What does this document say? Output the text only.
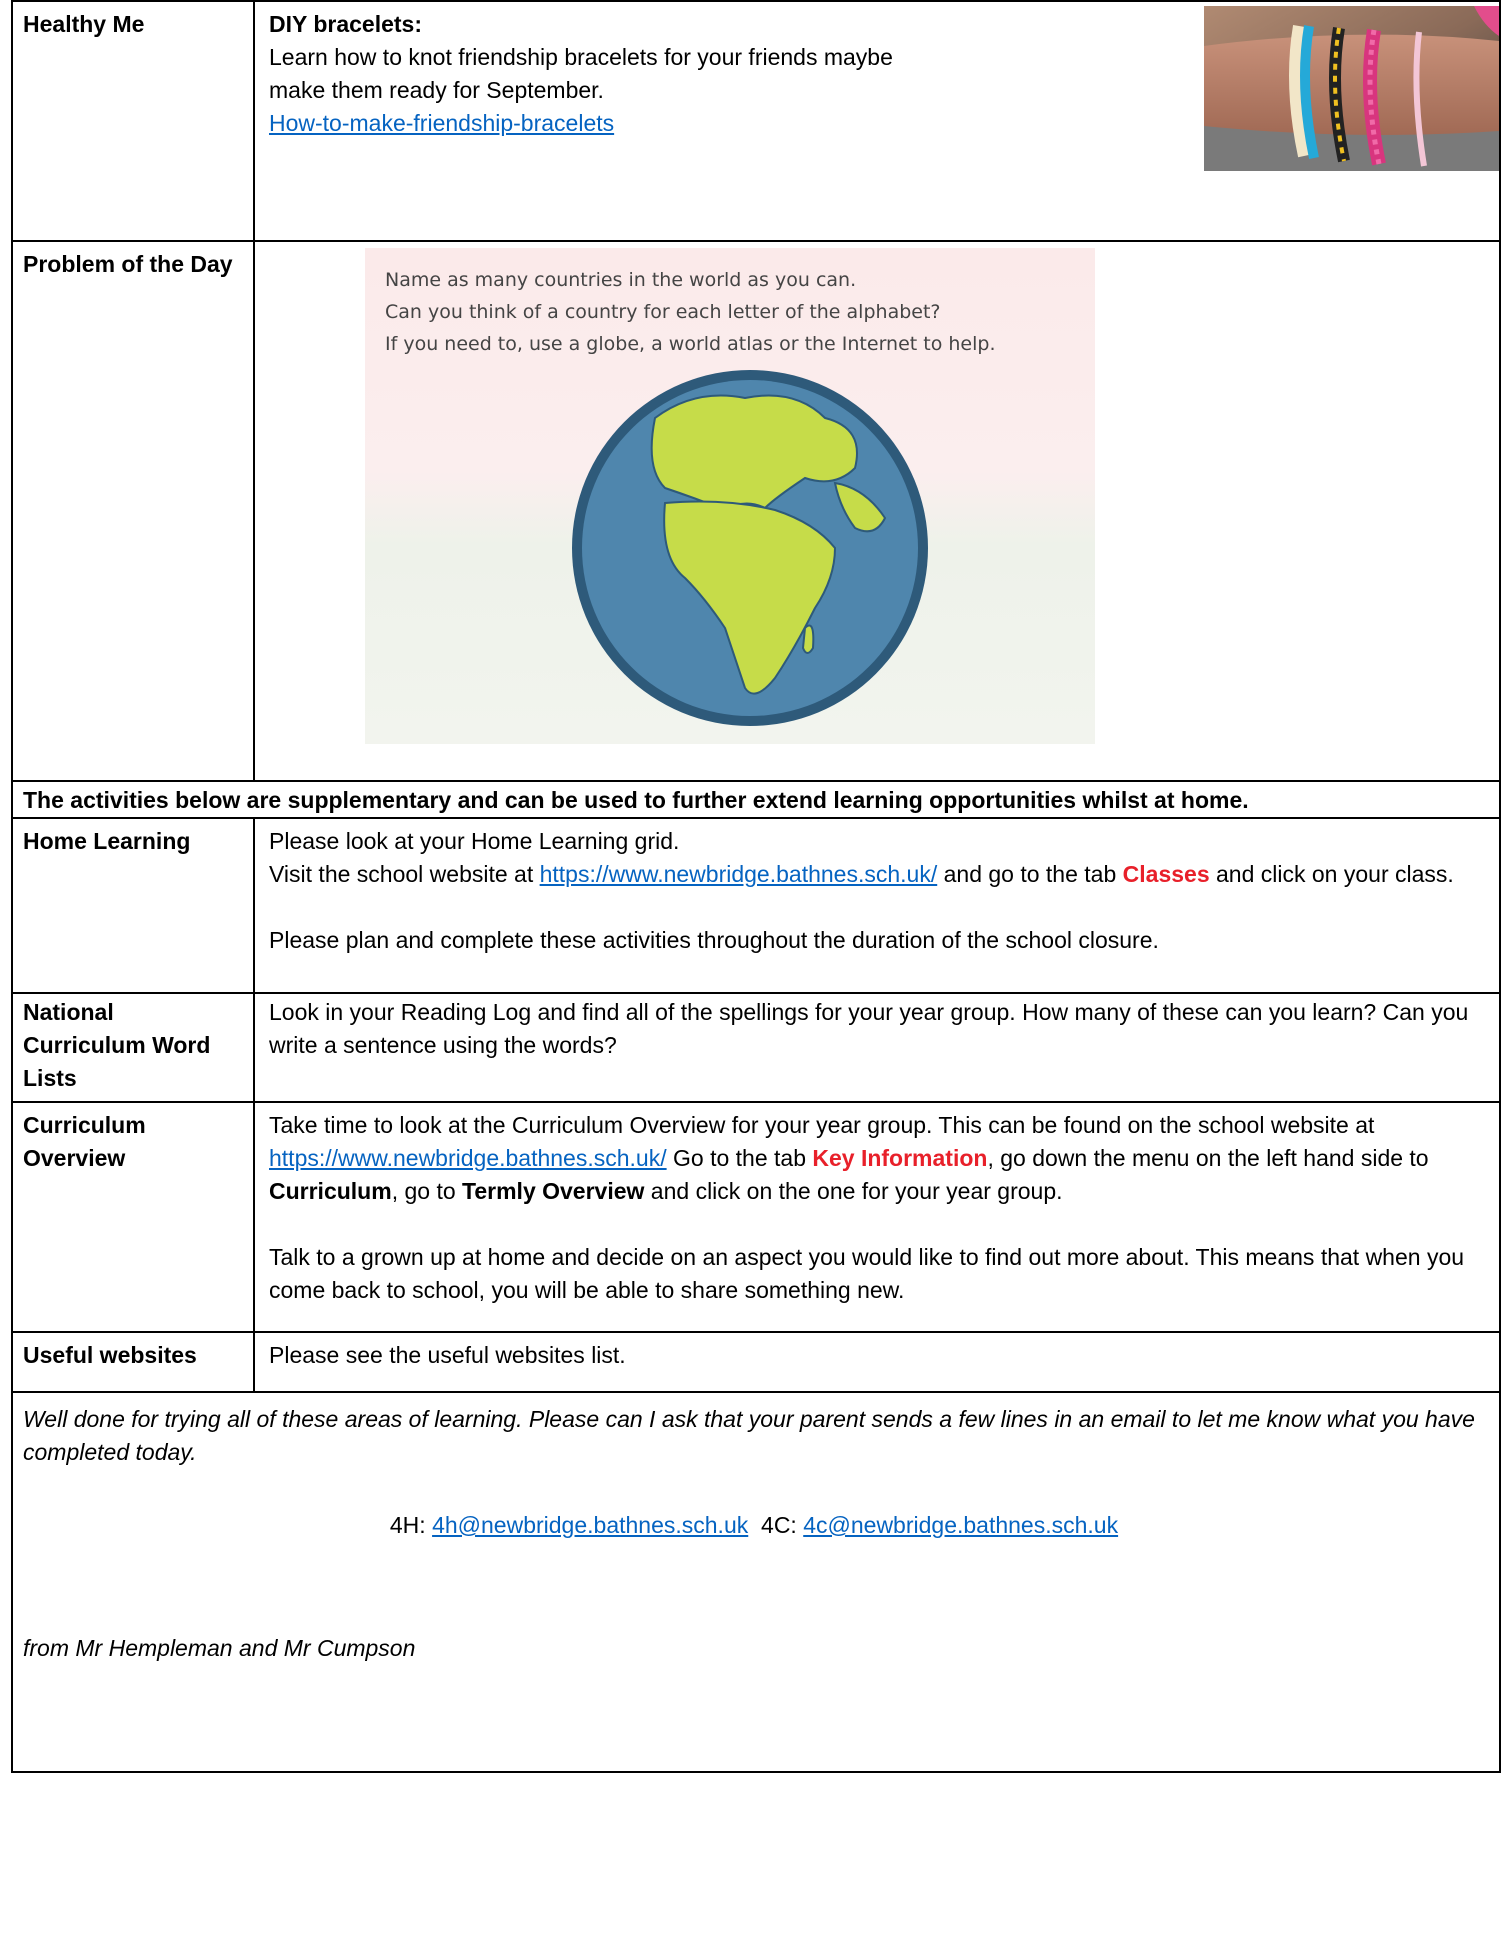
Healthy Me	DIY bracelets:
Learn how to knot friendship bracelets for your friends maybe make them ready for September.
How-to-make-friendship-bracelets

Problem of the Day	Name as many countries in the world as you can.
Can you think of a country for each letter of the alphabet?
If you need to, use a globe, a world atlas or the Internet to help.

The activities below are supplementary and can be used to further extend learning opportunities whilst at home.	
Home Learning	Please look at your Home Learning grid.
Visit the school website at https://www.newbridge.bathnes.sch.uk/ and go to the tab Classes and click on your class.
Please plan and complete these activities throughout the duration of the school closure.

National Curriculum Word Lists	Look in your Reading Log and find all of the spellings for your year group. How many of these can you learn? Can you write a sentence using the words?
Curriculum Overview	Take time to look at the Curriculum Overview for your year group. This can be found on the school website at https://www.newbridge.bathnes.sch.uk/ Go to the tab Key Information, go down the menu on the left hand side to Curriculum, go to Termly Overview and click on the one for your year group.
Talk to a grown up at home and decide on an aspect you would like to find out more about. This means that when you come back to school, you will be able to share something new.

Useful websites	Please see the useful websites list.

Well done for trying all of these areas of learning. Please can I ask that your parent sends a few lines in an email to let me know what you have completed today.
4H: 4h@newbridge.bathnes.sch.uk 4C: 4c@newbridge.bathnes.sch.uk
from Mr Hempleman and Mr Cumpson	
